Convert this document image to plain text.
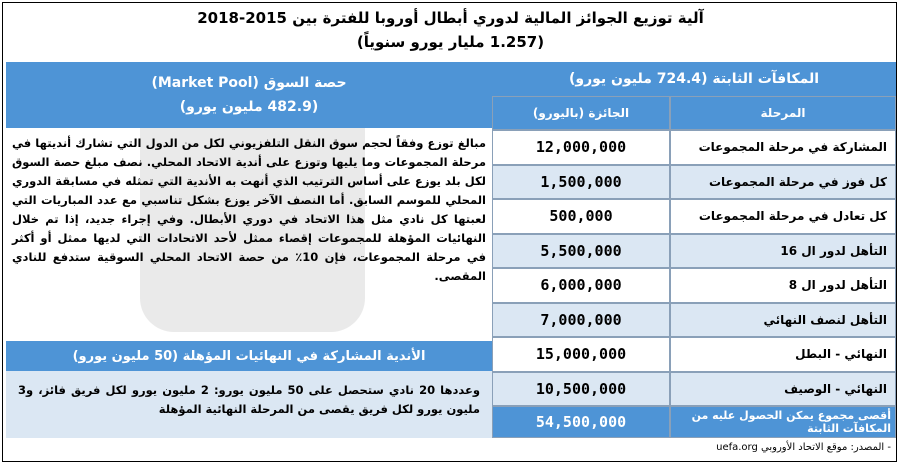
آلية توزيع الجوائز المالية لدوري أبطال أوروبا للفترة بين 2015-2018
(1.257 مليار يورو سنوياً)
المكافآت الثابتة (724.4 مليون يورو)
المرحلة
الجائزة (باليورو)
المشاركة في مرحلة المجموعات
12,000,000
كل فوز في مرحلة المجموعات
1,500,000
كل تعادل في مرحلة المجموعات
500,000
التأهل لدور ال 16
5,500,000
التأهل لدور ال 8
6,000,000
التأهل لنصف النهائي
7,000,000
النهائي - البطل
15,000,000
النهائي - الوصيف
10,500,000
أقصى مجموع يمكن الحصول عليه من المكافآت الثابتة
54,500,000
حصة السوق (Market Pool)
(482.9 مليون يورو)
مبالغ توزع وفقاً لحجم سوق النقل التلفزيوني لكل من الدول التي تشارك أنديتها في مرحلة المجموعات وما يليها وتوزع على أندية الاتحاد المحلي. نصف مبلغ حصة السوق لكل بلد يوزع على أساس الترتيب الذي أنهت به الأندية التي تمثله في مسابقة الدوري المحلي للموسم السابق. أما النصف الآخر يوزع بشكل تناسبي مع عدد المباريات التي لعبتها كل نادي مثل هذا الاتحاد في دوري الأبطال. وفي إجراء جديد، إذا تم خلال النهائيات المؤهلة للمجموعات إقصاء ممثل لأحد الاتحادات التي لديها ممثل أو أكثر في مرحلة المجموعات، فإن 10٪ من حصة الاتحاد المحلي السوقية ستدفع للنادي المقصى.
الأندية المشاركة في النهائيات المؤهلة (50 مليون يورو)
وعددها 20 نادي ستحصل على 50 مليون يورو: 2 مليون يورو لكل فريق فائز، و3 مليون يورو لكل فريق يقصى من المرحلة النهائية المؤهلة
- المصدر: موقع الاتحاد الأوروبي uefa.org
